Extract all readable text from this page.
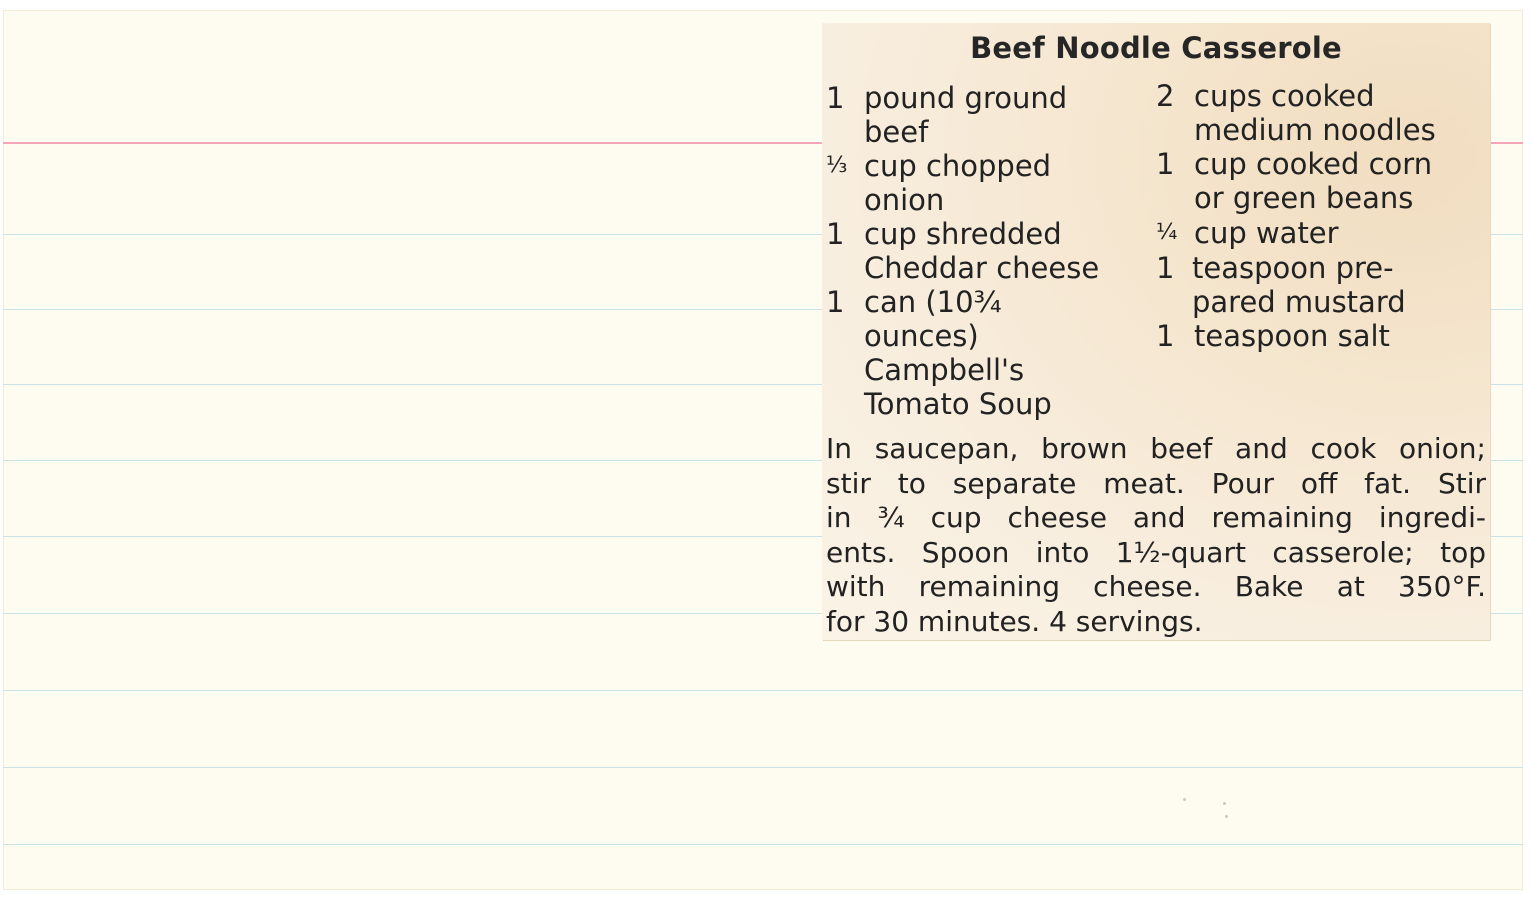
Beef Noodle Casserole
1 pound ground
beef
⅓ cup chopped
onion
1 cup shredded
Cheddar cheese
1 can (10¾
ounces)
Campbell's
Tomato Soup
2 cups cooked
medium noodles
1 cup cooked corn
or green beans
¼ cup water
1 teaspoon pre-
pared mustard
1 teaspoon salt
In saucepan, brown beef and cook onion;
stir to separate meat. Pour off fat. Stir
in ¾ cup cheese and remaining ingredi-
ents. Spoon into 1½-quart casserole; top
with remaining cheese. Bake at 350°F.
for 30 minutes. 4 servings.
